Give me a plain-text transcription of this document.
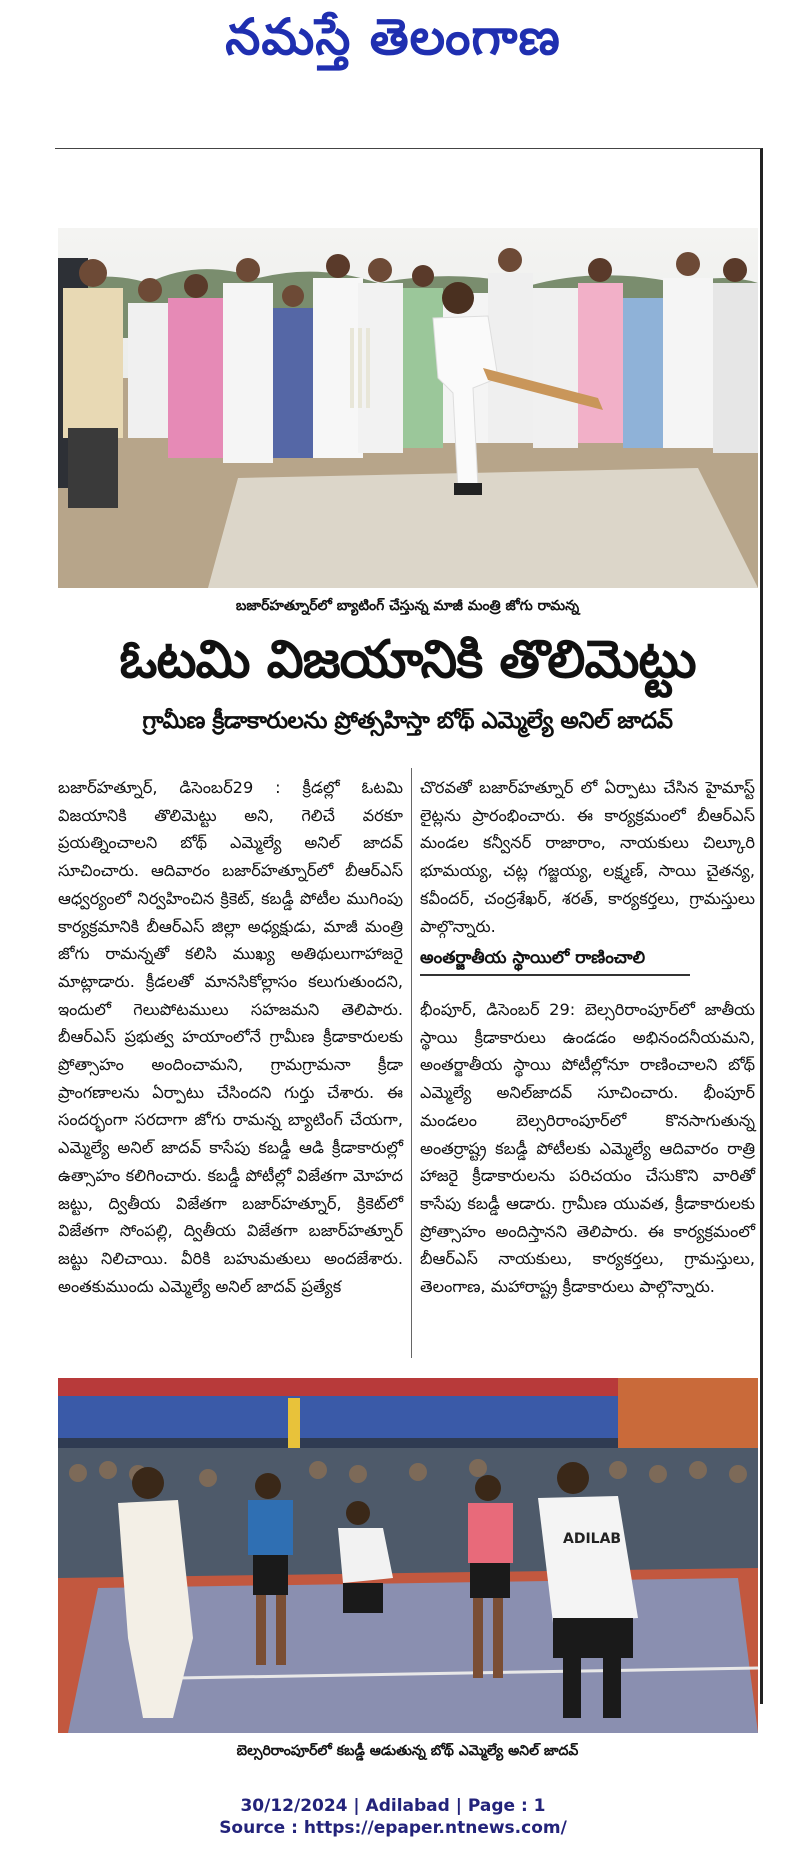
నమస్తే తెలంగాణ
బజార్‌హత్నూర్‌లో బ్యాటింగ్ చేస్తున్న మాజీ మంత్రి జోగు రామన్న
ఓటమి విజయానికి తొలిమెట్టు
గ్రామీణ క్రీడాకారులను ప్రోత్సహిస్తా బోథ్ ఎమ్మెల్యే అనిల్ జాదవ్

బజార్‌హత్నూర్, డిసెంబర్29 : క్రీడల్లో ఓటమి విజయానికి తొలిమెట్టు అని, గెలిచే వరకూ ప్రయత్నించాలని బోథ్ ఎమ్మెల్యే అనిల్ జాదవ్ సూచించారు. ఆదివారం బజార్‌హత్నూర్‌లో బీఆర్‌ఎస్ ఆధ్వర్యంలో నిర్వహించిన క్రికెట్, కబడ్డీ పోటీల ముగింపు కార్యక్రమానికి బీఆర్‌ఎస్ జిల్లా అధ్యక్షుడు, మాజీ మంత్రి జోగు రామన్నతో కలిసి ముఖ్య అతిథులుగాహాజరై మాట్లాడారు. క్రీడలతో మానసికోల్లాసం కలుగుతుందని, ఇందులో గెలుపోటములు సహజమని తెలిపారు. బీఆర్‌ఎస్ ప్రభుత్వ హయాంలోనే గ్రామీణ క్రీడాకారులకు ప్రోత్సాహం అందించామని, గ్రామగ్రామనా క్రీడా ప్రాంగణాలను ఏర్పాటు చేసిందని గుర్తు చేశారు. ఈ సందర్భంగా సరదాగా జోగు రామన్న బ్యాటింగ్ చేయగా, ఎమ్మెల్యే అనిల్ జాదవ్ కాసేపు కబడ్డీ ఆడి క్రీడాకారుల్లో ఉత్సాహం కలిగించారు. కబడ్డీ పోటీల్లో విజేతగా మోహద జట్టు, ద్వితీయ విజేతగా బజార్‌హత్నూర్, క్రికెట్‌లో విజేతగా సోంపల్లి, ద్వితీయ విజేతగా బజార్‌హత్నూర్ జట్టు నిలిచాయి. వీరికి బహుమతులు అందజేశారు. అంతకుముందు ఎమ్మెల్యే అనిల్ జాదవ్ ప్రత్యేక

చొరవతో బజార్‌హత్నూర్ లో ఏర్పాటు చేసిన హైమాస్ట్ లైట్లను ప్రారంభించారు. ఈ కార్యక్రమంలో బీఆర్‌ఎస్ మండల కన్వీనర్ రాజారాం, నాయకులు చిల్కూరి భూమయ్య, చట్ల గజ్జయ్య, లక్ష్మణ్, సాయి చైతన్య, కవీందర్, చంద్రశేఖర్, శరత్, కార్యకర్తలు, గ్రామస్తులు పాల్గొన్నారు.

అంతర్జాతీయ స్థాయిలో రాణించాలి

భీంపూర్, డిసెంబర్ 29: బెల్సరిరాంపూర్‌లో జాతీయ స్థాయి క్రీడాకారులు ఉండడం అభినందనీయమని, అంతర్జాతీయ స్థాయి పోటీల్లోనూ రాణించాలని బోథ్ ఎమ్మెల్యే అనిల్‌జాదవ్ సూచించారు. భీంపూర్ మండలం బెల్సరిరాంపూర్‌లో కొనసాగుతున్న అంతర్రాష్ట్ర కబడ్డీ పోటీలకు ఎమ్మెల్యే ఆదివారం రాత్రి హాజరై క్రీడాకారులను పరిచయం చేసుకొని వారితో కాసేపు కబడ్డీ ఆడారు. గ్రామీణ యువత, క్రీడాకారులకు ప్రోత్సాహం అందిస్తానని తెలిపారు. ఈ కార్యక్రమంలో బీఆర్‌ఎస్ నాయకులు, కార్యకర్తలు, గ్రామస్తులు, తెలంగాణ, మహారాష్ట్ర క్రీడాకారులు పాల్గొన్నారు.

ADILAB
బెల్సరిరాంపూర్‌లో కబడ్డీ ఆడుతున్న బోథ్ ఎమ్మెల్యే అనిల్ జాదవ్
30/12/2024 | Adilabad | Page : 1
Source : https://epaper.ntnews.com/
